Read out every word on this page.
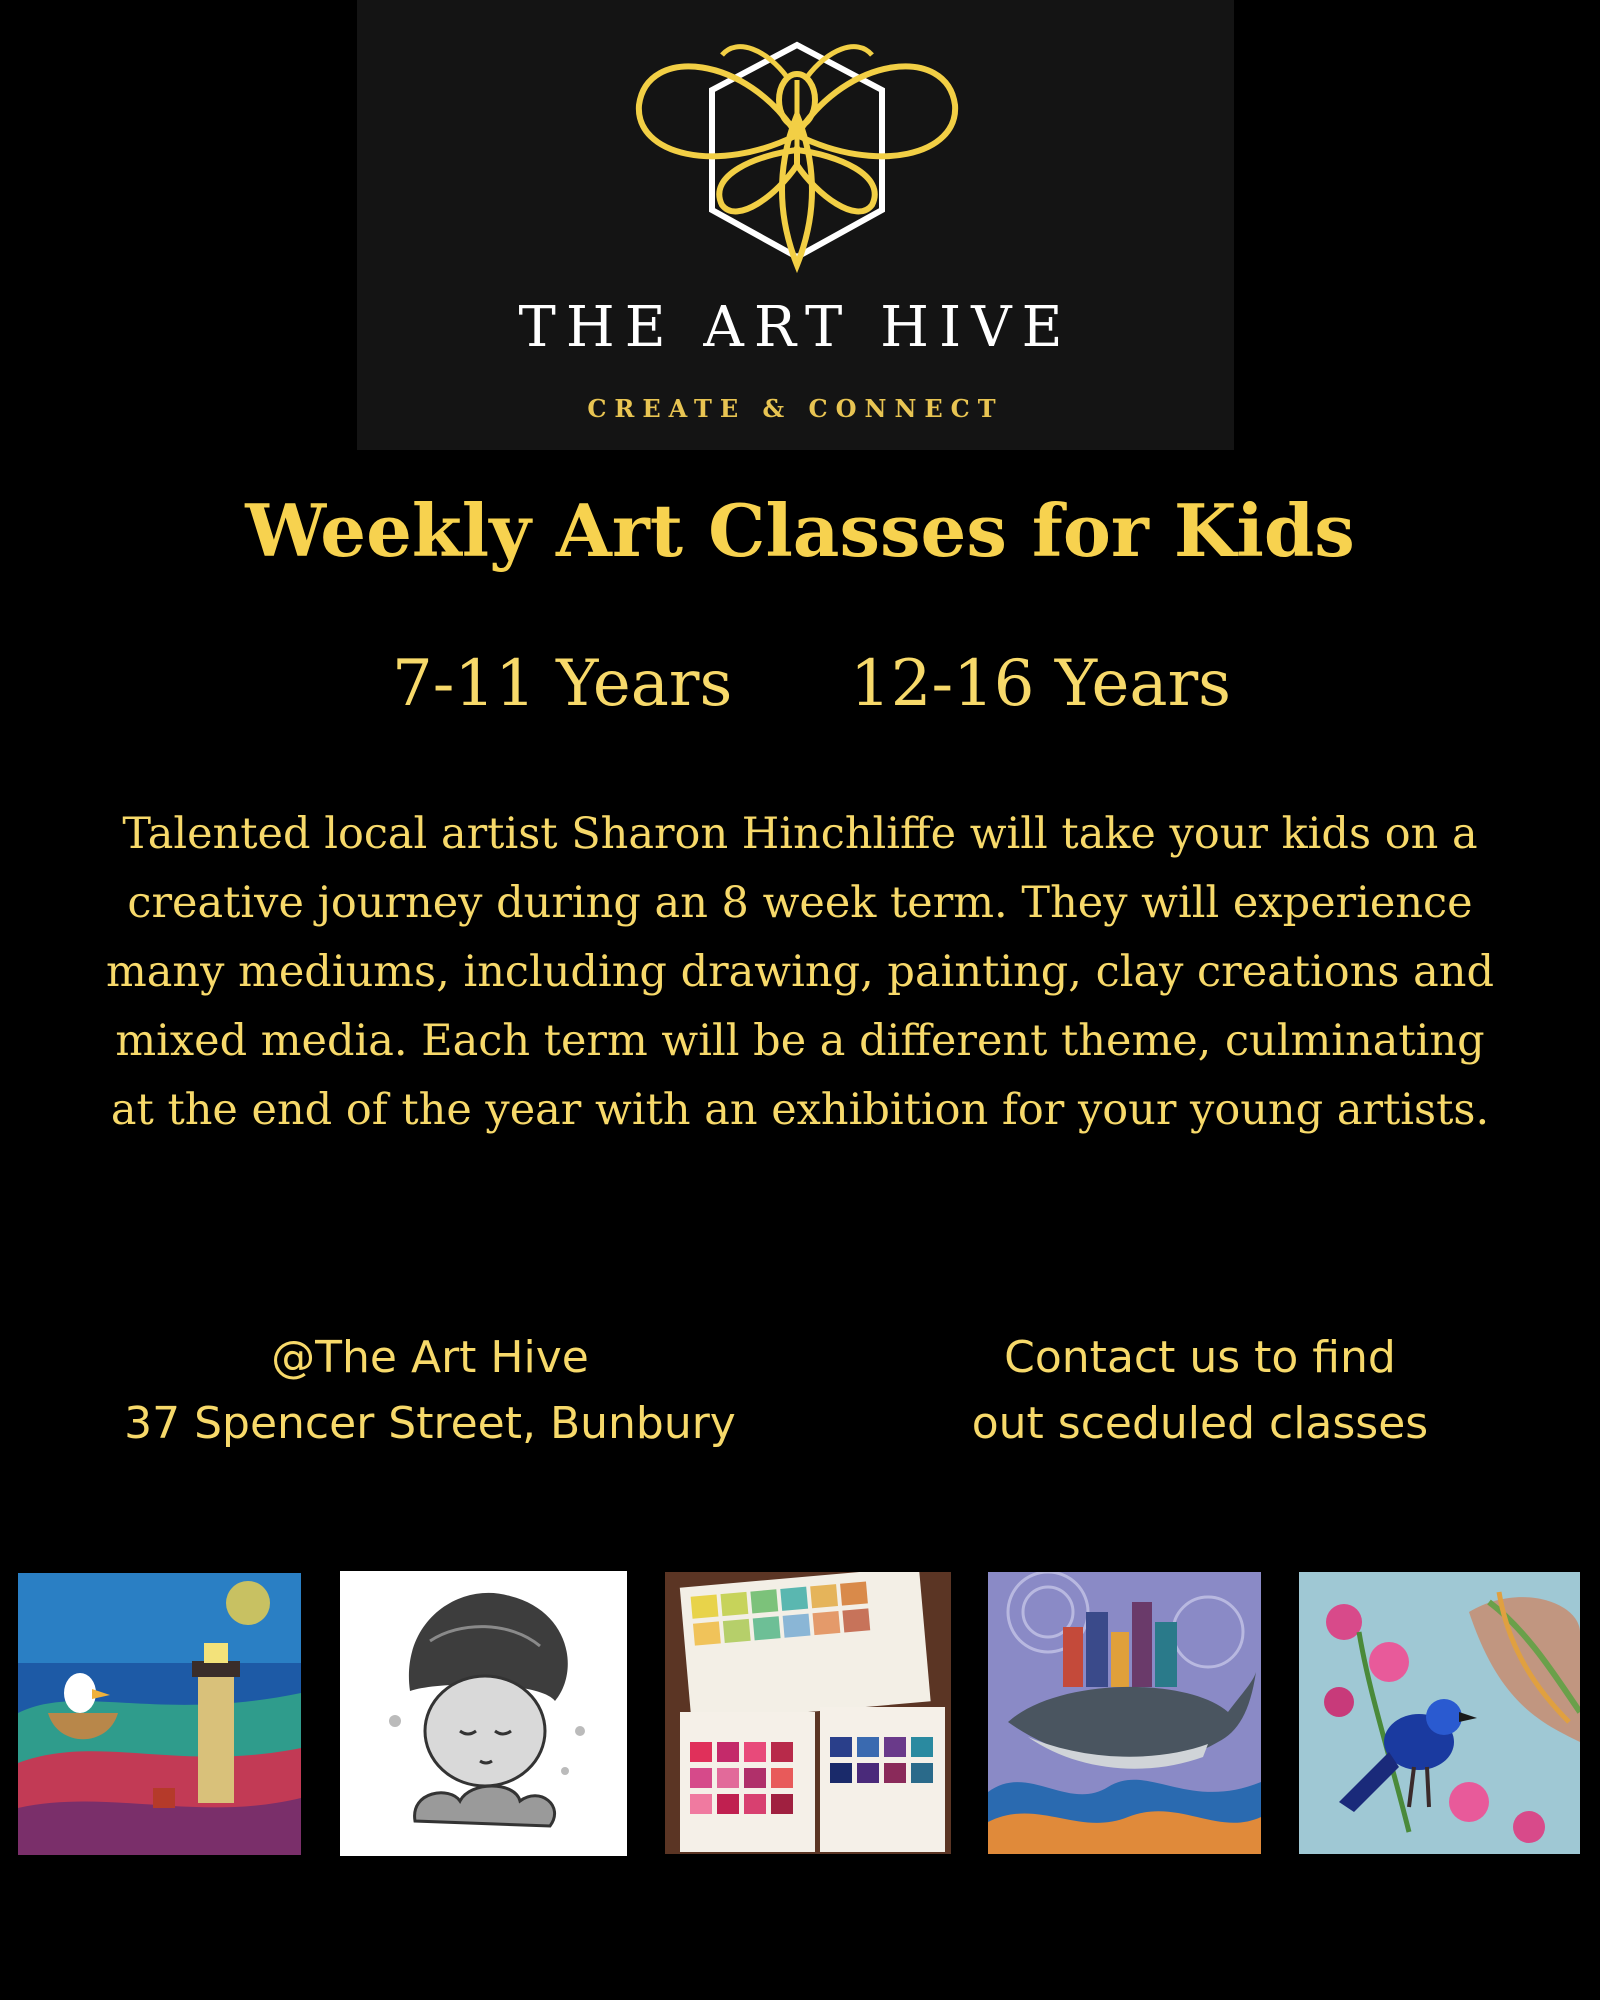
THE ART HIVE
CREATE & CONNECT
Weekly Art Classes for Kids
7-11 Years 12-16 Years

Talented local artist Sharon Hinchliffe will take your kids on a creative journey during an 8 week term. They will experience many mediums, including drawing, painting, clay creations and mixed media. Each term will be a different theme, culminating at the end of the year with an exhibition for your young artists.

@The Art Hive
37 Spencer Street, Bunbury
Contact us to find
out sceduled classes
